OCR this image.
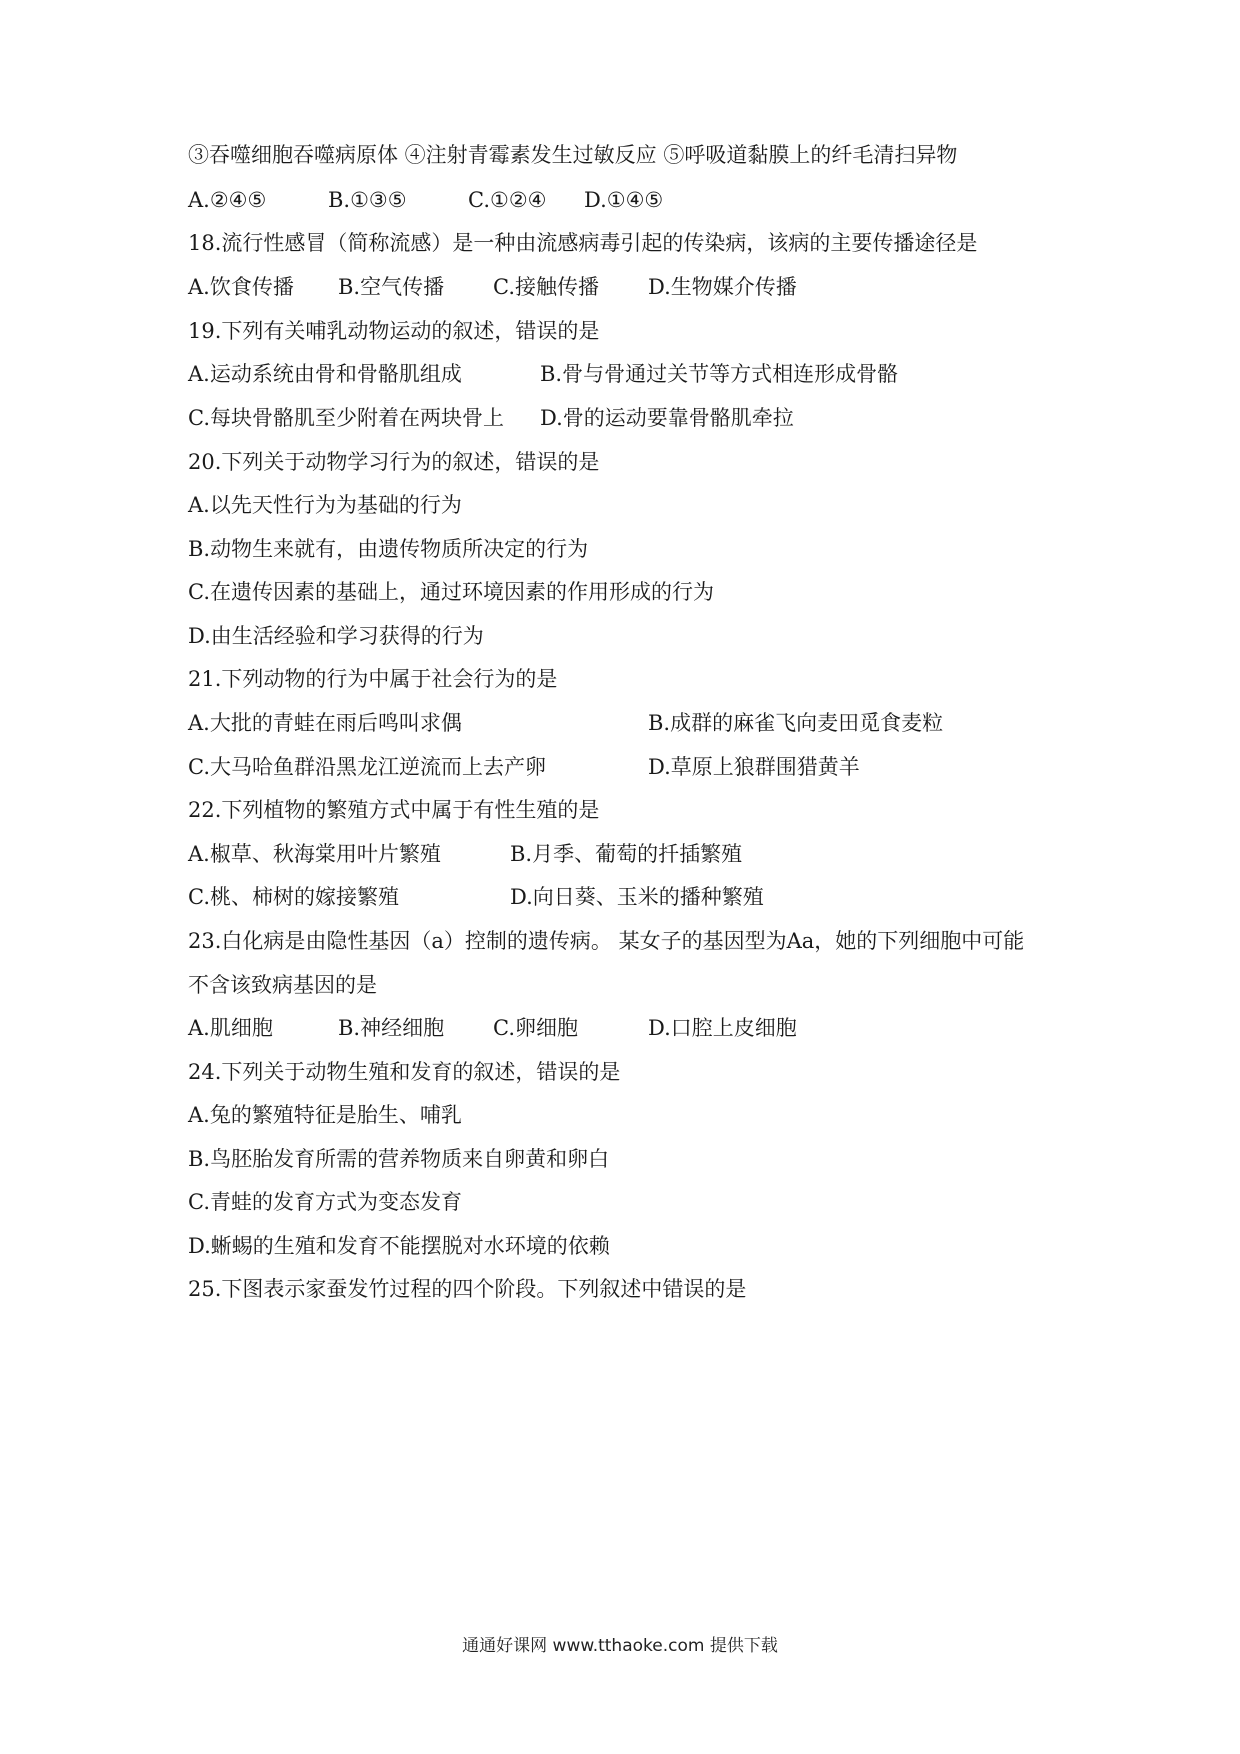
③吞噬细胞吞噬病原体 ④注射青霉素发生过敏反应 ⑤呼吸道黏膜上的纤毛清扫异物
A.②④⑤	B.①③⑤	C.①②④ D.①④⑤
18.流行性感冒（简称流感）是一种由流感病毒引起的传染病，该病的主要传播途径是
A.饮食传播 B.空气传播 C.接触传播 D.生物媒介传播
19.下列有关哺乳动物运动的叙述，错误的是
A.运动系统由骨和骨骼肌组成	B.骨与骨通过关节等方式相连形成骨骼
C.每块骨骼肌至少附着在两块骨上 D.骨的运动要靠骨骼肌牵拉
20.下列关于动物学习行为的叙述，错误的是
A.以先天性行为为基础的行为
B.动物生来就有，由遗传物质所决定的行为
C.在遗传因素的基础上，通过环境因素的作用形成的行为
D.由生活经验和学习获得的行为
21.下列动物的行为中属于社会行为的是
A.大批的青蛙在雨后鸣叫求偶	B.成群的麻雀飞向麦田觅食麦粒
C.大马哈鱼群沿黑龙江逆流而上去产卵	D.草原上狼群围猎黄羊
22.下列植物的繁殖方式中属于有性生殖的是
A.椒草、秋海棠用叶片繁殖	B.月季、葡萄的扦插繁殖
C.桃、柿树的嫁接繁殖	D.向日葵、玉米的播种繁殖
23.白化病是由隐性基因（a）控制的遗传病。 某女子的基因型为Aa，她的下列细胞中可能
不含该致病基因的是
A.肌细胞	B.神经细胞 C.卵细胞	D.口腔上皮细胞
24.下列关于动物生殖和发育的叙述，错误的是
A.兔的繁殖特征是胎生、哺乳
B.鸟胚胎发育所需的营养物质来自卵黄和卵白
C.青蛙的发育方式为变态发育
D.蜥蜴的生殖和发育不能摆脱对水环境的依赖
25.下图表示家蚕发竹过程的四个阶段。下列叙述中错误的是
通通好课网 www.tthaoke.com 提供下载
